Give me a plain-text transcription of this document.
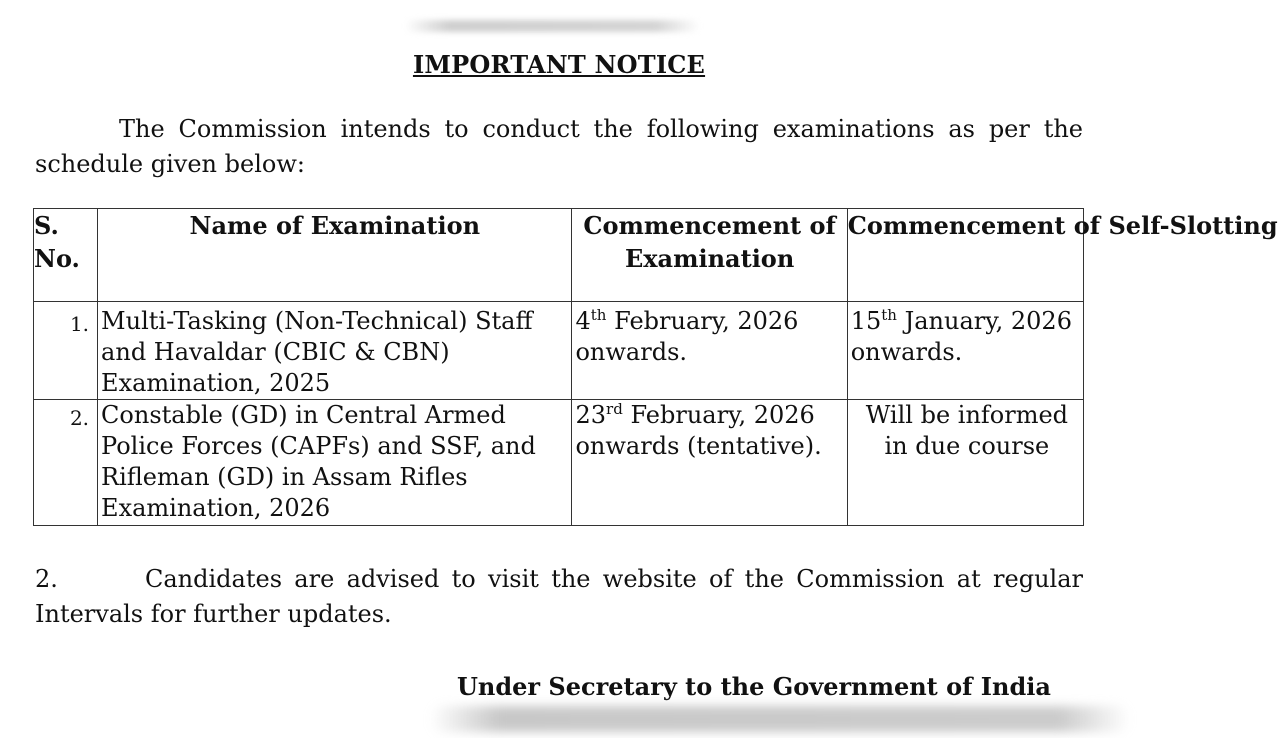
IMPORTANT NOTICE
The Commission intends to conduct the following examinations as per the schedule given below:
S. No.	Name of Examination	Commencement of Examination	Commencement of Self-Slotting
1.	Multi-Tasking (Non-Technical) Staff and Havaldar (CBIC & CBN) Examination, 2025	4th February, 2026 onwards.	15th January, 2026 onwards.
2.	Constable (GD) in Central Armed Police Forces (CAPFs) and SSF, and Rifleman (GD) in Assam Rifles Examination, 2026	23rd February, 2026 onwards (tentative).	Will be informed in due course
2.	Candidates are advised to visit the website of the Commission at regular Intervals for further updates.
Under Secretary to the Government of India
